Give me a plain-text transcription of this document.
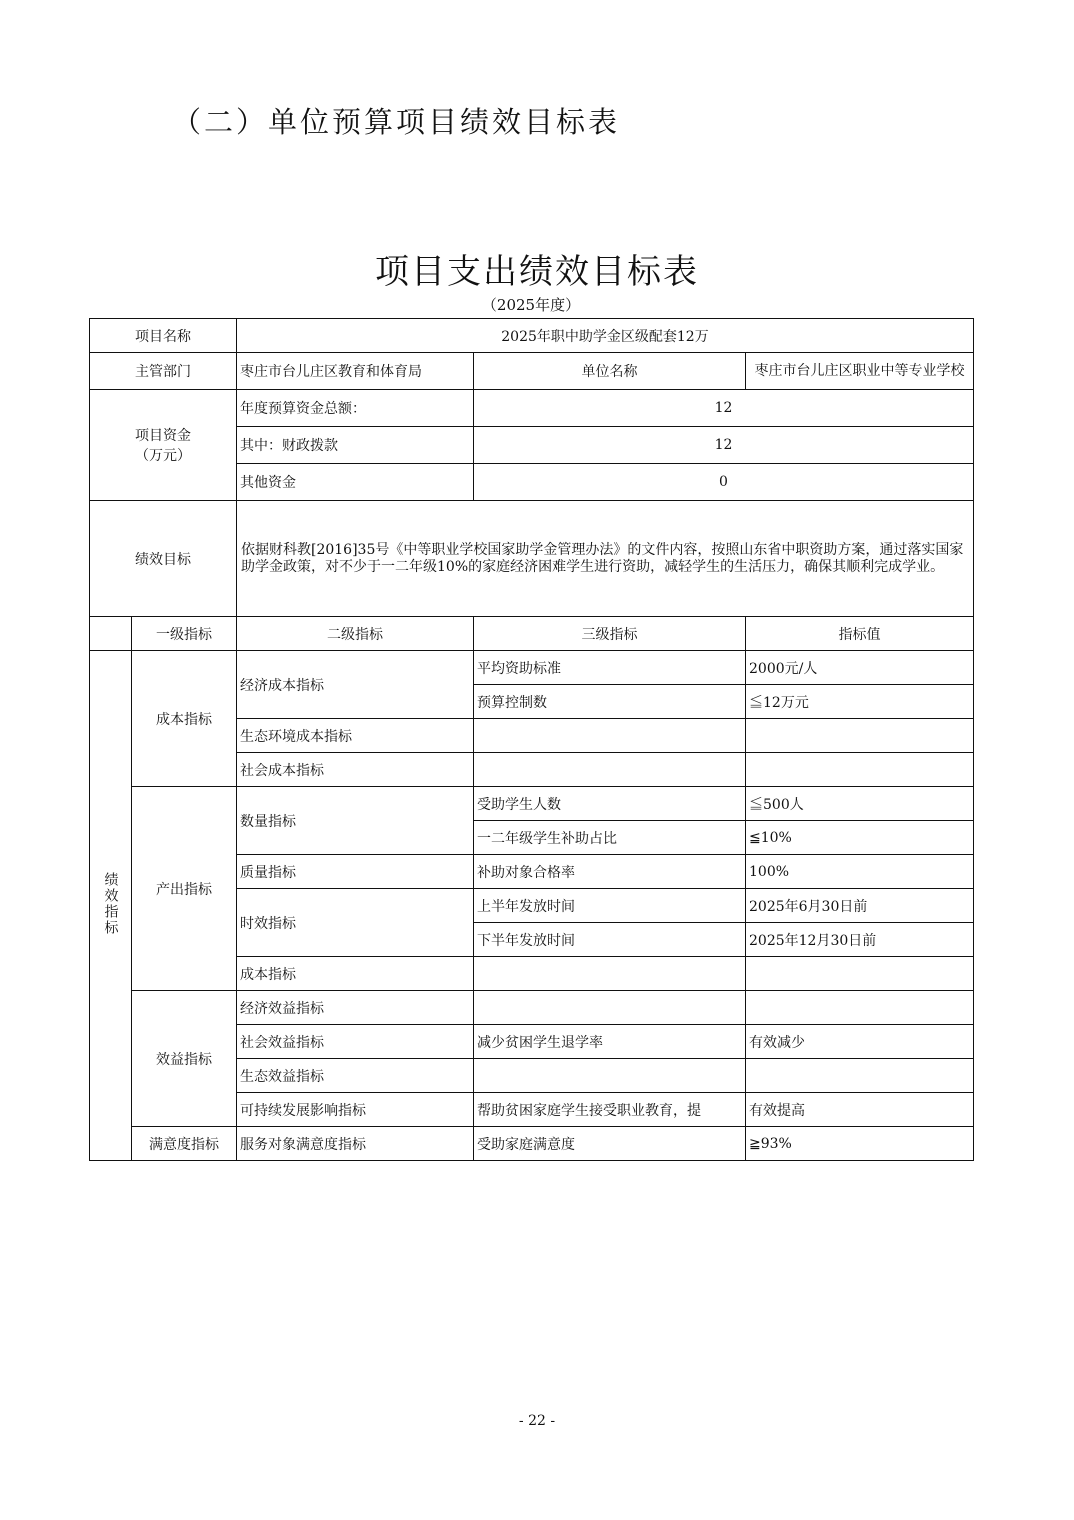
（二）单位预算项目绩效目标表
项目支出绩效目标表
（2025年度）
项目名称		2025年职中助学金区级配套12万		
主管部门		枣庄市台儿庄区教育和体育局	单位名称	枣庄市台儿庄区职业中等专业学校

项目资金
（万元）		年度预算资金总额：	12	
		其中：财政拨款	12	
		其他资金	0	
绩效目标		依据财科教[2016]35号《中等职业学校国家助学金管理办法》的文件内容，按照山东省中职资助方案，通过落实国家助学金政策，对不少于一二年级10%的家庭经济困难学生进行资助，减轻学生的生活压力，确保其顺利完成学业。		
	一级指标	二级指标	三级指标	指标值
绩效指标	成本指标	经济成本指标	平均资助标准	2000元/人
			预算控制数	≦12万元
		生态环境成本指标		
		社会成本指标		
	产出指标	数量指标	受助学生人数	≦500人
			一二年级学生补助占比	≦10%
		质量指标	补助对象合格率	100%
		时效指标	上半年发放时间	2025年6月30日前
			下半年发放时间	2025年12月30日前
		成本指标		
	效益指标	经济效益指标		
		社会效益指标	减少贫困学生退学率	有效减少
		生态效益指标		
		可持续发展影响指标	帮助贫困家庭学生接受职业教育，提	有效提高
	满意度指标	服务对象满意度指标	受助家庭满意度	≧93%
- 22 -
